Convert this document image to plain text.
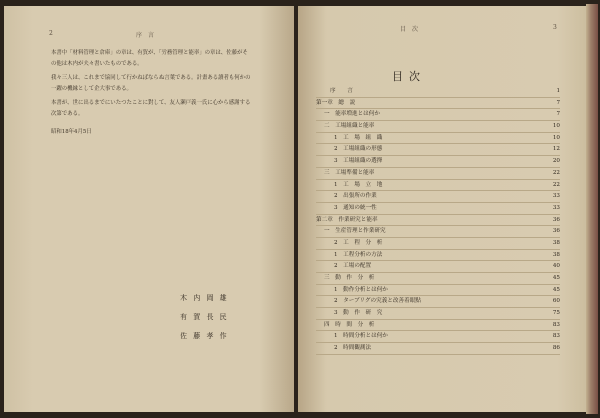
2	序　言

本書中「材料管理と倉庫」の章は、有賀が、「労務管理と能率」の章は、佐藤がその他は木内が夫々書いたものである。

我々三人は、これまで協同して行かねばならぬ言葉である。計畫ある讀者も何かの一躍の機縁として企大事である。

本書が、世に出るまでにいたつたことに對して、友人瀬戸義一氏に心から感謝する次第である。

昭和18年4月5日

木 内 岡 雄
有 賀 長 民
佐 藤 孝 作
目　次	3
目次
序　言	1
第一章　總　説	7
一　能率増進とは何か	7
二　工場組織と能率	10
1　工　場　組　織	10
2　工場組織の形態	12
3　工場組織の選擇	20
三　工場準備と能率	22
1　工　場　立　地	22
2　出張所の作業	33
3　通知の統一性	33
第二章　作業研究と能率	36
一　生産管理と作業研究	36
2　工　程　分　析	38
1　工程分析の方法	38
2　工場の配置	40
三　動　作　分　析	45
1　動作分析とは何か	45
2　ターブリグの究義と改善着眼點	60
3　動　作　研　究	75
四　時　間　分　析	83
1　時間分析とは何か	83
2　時間觀測法	86
